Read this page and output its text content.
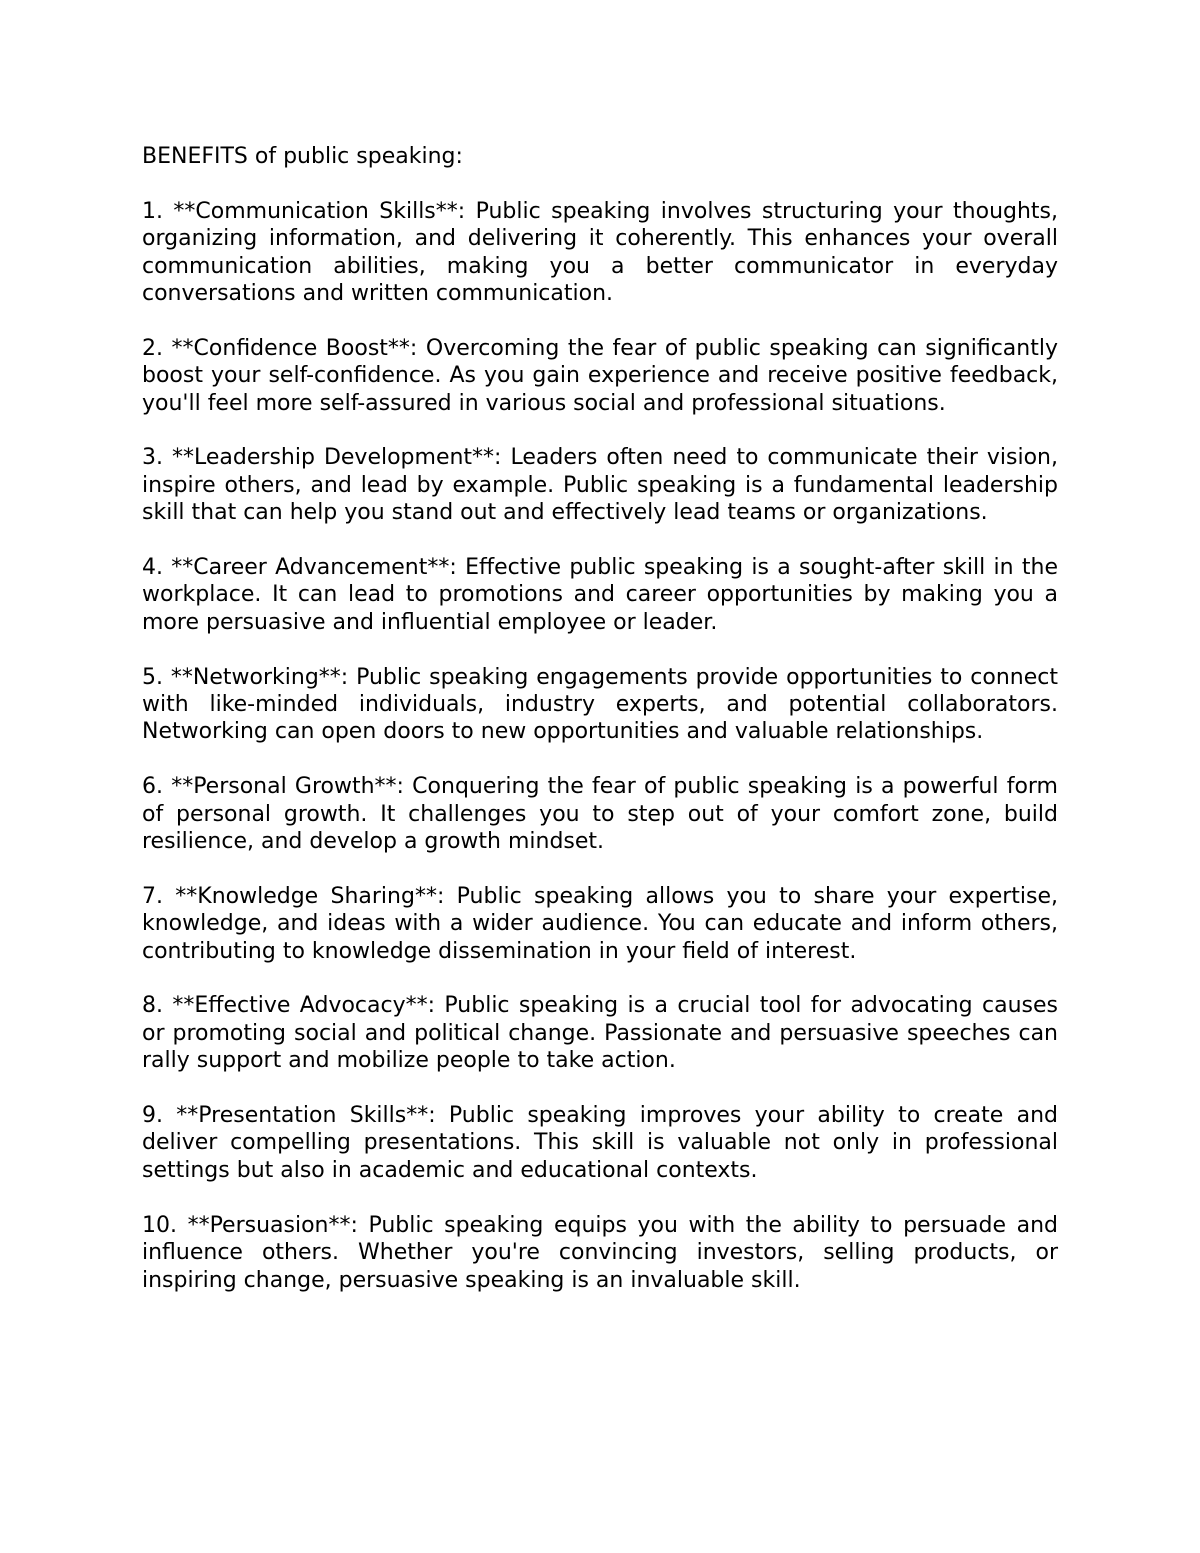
BENEFITS of public speaking:

1. **Communication Skills**: Public speaking involves structuring your thoughts, organizing information, and delivering it coherently. This enhances your overall communication abilities, making you a better communicator in everyday conversations and written communication.

2. **Confidence Boost**: Overcoming the fear of public speaking can significantly boost your self-confidence. As you gain experience and receive positive feedback, you'll feel more self-assured in various social and professional situations.

3. **Leadership Development**: Leaders often need to communicate their vision, inspire others, and lead by example. Public speaking is a fundamental leadership skill that can help you stand out and effectively lead teams or organizations.

4. **Career Advancement**: Effective public speaking is a sought-after skill in the workplace. It can lead to promotions and career opportunities by making you a more persuasive and influential employee or leader.

5. **Networking**: Public speaking engagements provide opportunities to connect with like-minded individuals, industry experts, and potential collaborators. Networking can open doors to new opportunities and valuable relationships.

6. **Personal Growth**: Conquering the fear of public speaking is a powerful form of personal growth. It challenges you to step out of your comfort zone, build resilience, and develop a growth mindset.

7. **Knowledge Sharing**: Public speaking allows you to share your expertise, knowledge, and ideas with a wider audience. You can educate and inform others, contributing to knowledge dissemination in your field of interest.

8. **Effective Advocacy**: Public speaking is a crucial tool for advocating causes or promoting social and political change. Passionate and persuasive speeches can rally support and mobilize people to take action.

9. **Presentation Skills**: Public speaking improves your ability to create and deliver compelling presentations. This skill is valuable not only in professional settings but also in academic and educational contexts.

10. **Persuasion**: Public speaking equips you with the ability to persuade and influence others. Whether you're convincing investors, selling products, or inspiring change, persuasive speaking is an invaluable skill.
